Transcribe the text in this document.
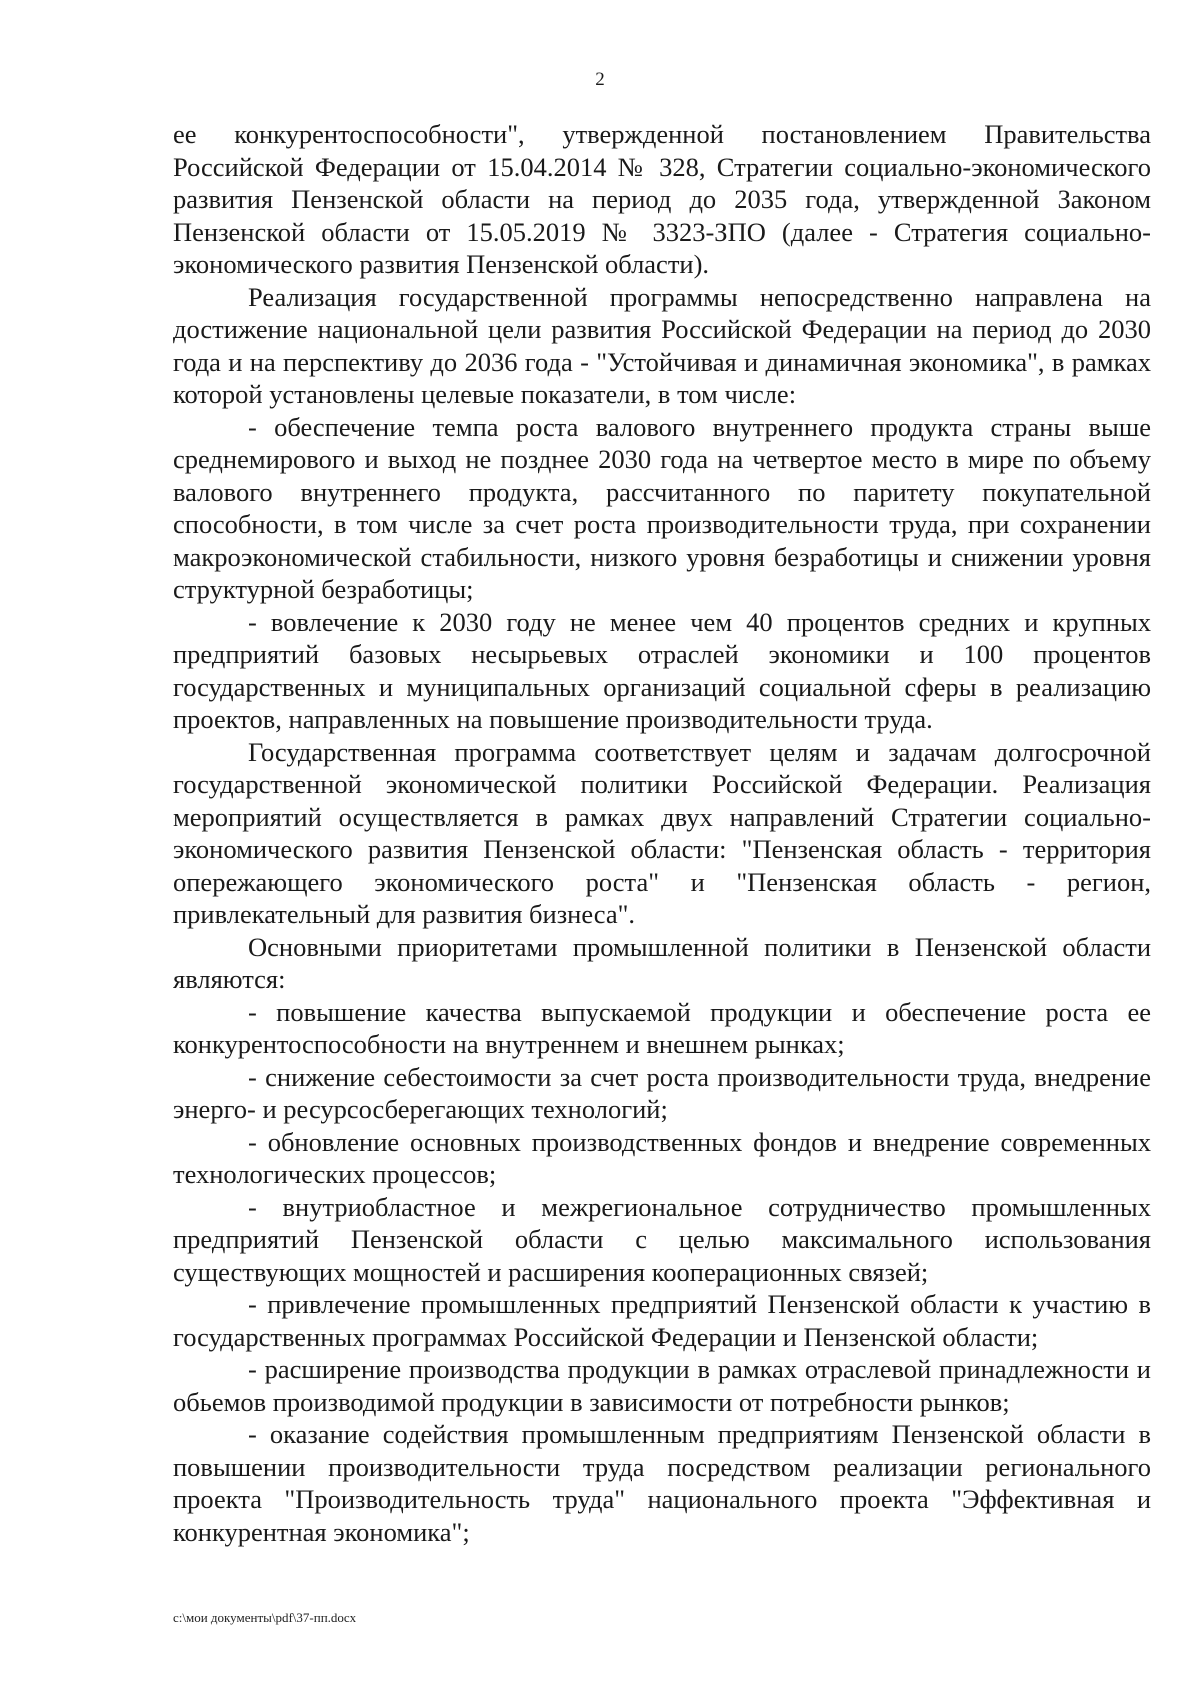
2

ее конкурентоспособности", утвержденной постановлением Правительства Российской Федерации от 15.04.2014 № 328, Стратегии социально-экономического развития Пензенской области на период до 2035 года, утвержденной Законом Пензенской области от 15.05.2019 № 3323-ЗПО (далее - Стратегия социально-экономического развития Пензенской области).

Реализация государственной программы непосредственно направлена на достижение национальной цели развития Российской Федерации на период до 2030 года и на перспективу до 2036 года - "Устойчивая и динамичная экономика", в рамках которой установлены целевые показатели, в том числе:

- обеспечение темпа роста валового внутреннего продукта страны выше среднемирового и выход не позднее 2030 года на четвертое место в мире по объему валового внутреннего продукта, рассчитанного по паритету покупательной способности, в том числе за счет роста производительности труда, при сохранении макроэкономической стабильности, низкого уровня безработицы и снижении уровня структурной безработицы;

- вовлечение к 2030 году не менее чем 40 процентов средних и крупных предприятий базовых несырьевых отраслей экономики и 100 процентов государственных и муниципальных организаций социальной сферы в реализацию проектов, направленных на повышение производительности труда.

Государственная программа соответствует целям и задачам долгосрочной государственной экономической политики Российской Федерации. Реализация мероприятий осуществляется в рамках двух направлений Стратегии социально-экономического развития Пензенской области: "Пензенская область - территория опережающего экономического роста" и "Пензенская область - регион, привлекательный для развития бизнеса".

Основными приоритетами промышленной политики в Пензенской области являются:

- повышение качества выпускаемой продукции и обеспечение роста ее конкурентоспособности на внутреннем и внешнем рынках;

- снижение себестоимости за счет роста производительности труда, внедрение энерго- и ресурсосберегающих технологий;

- обновление основных производственных фондов и внедрение современных технологических процессов;

- внутриобластное и межрегиональное сотрудничество промышленных предприятий Пензенской области с целью максимального использования существующих мощностей и расширения кооперационных связей;

- привлечение промышленных предприятий Пензенской области к участию в государственных программах Российской Федерации и Пензенской области;

- расширение производства продукции в рамках отраслевой принадлежности и обьемов производимой продукции в зависимости от потребности рынков;

- оказание содействия промышленным предприятиям Пензенской области в повышении производительности труда посредством реализации регионального проекта "Производительность труда" национального проекта "Эффективная и конкурентная экономика";

c:\мои документы\pdf\37-пп.docx
